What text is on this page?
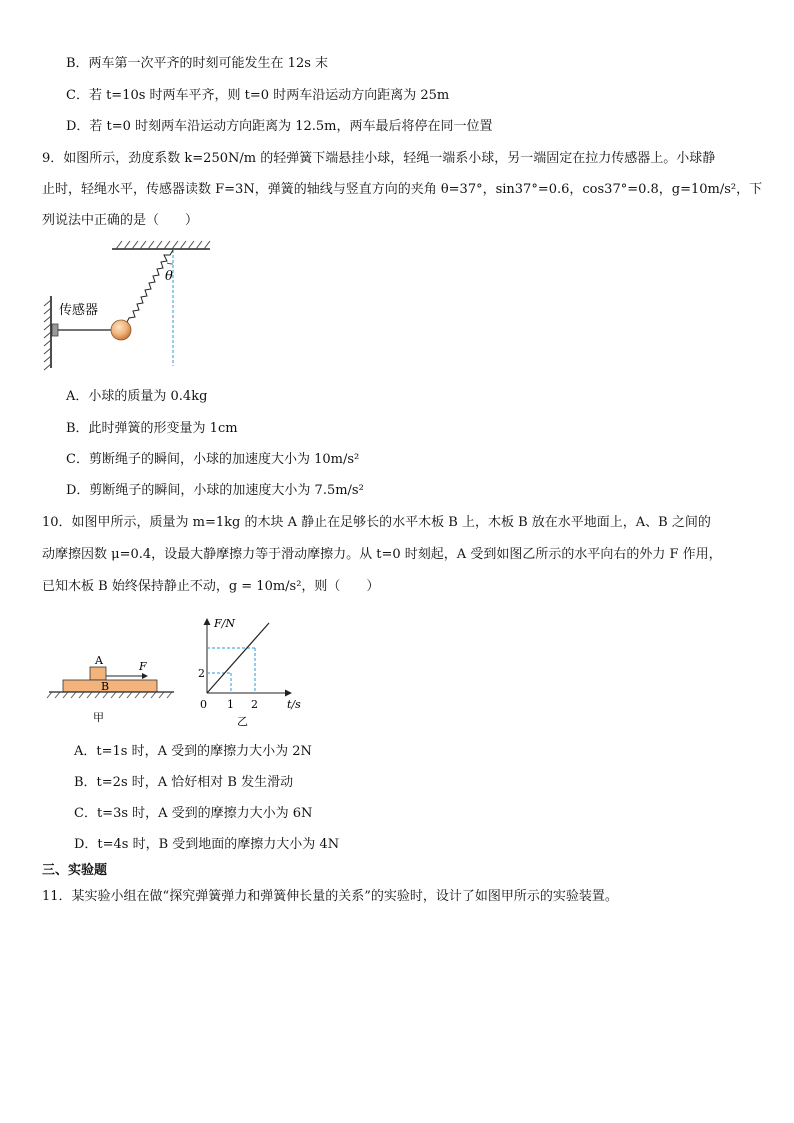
B．两车第一次平齐的时刻可能发生在 12s 末
C．若 t=10s 时两车平齐，则 t=0 时两车沿运动方向距离为 25m
D．若 t=0 时刻两车沿运动方向距离为 12.5m，两车最后将停在同一位置
9．如图所示，劲度系数 k=250N/m 的轻弹簧下端悬挂小球，轻绳一端系小球，另一端固定在拉力传感器上。小球静
止时，轻绳水平，传感器读数 F=3N，弹簧的轴线与竖直方向的夹角 θ=37°，sin37°=0.6，cos37°=0.8，g=10m/s²，下
列说法中正确的是（　　）
θ
传感器
A．小球的质量为 0.4kg
B．此时弹簧的形变量为 1cm
C．剪断绳子的瞬间，小球的加速度大小为 10m/s²
D．剪断绳子的瞬间，小球的加速度大小为 7.5m/s²
10．如图甲所示，质量为 m=1kg 的木块 A 静止在足够长的水平木板 B 上，木板 B 放在水平地面上，A、B 之间的
动摩擦因数 μ=0.4，设最大静摩擦力等于滑动摩擦力。从 t=0 时刻起，A 受到如图乙所示的水平向右的外力 F 作用，
已知木板 B 始终保持静止不动，g = 10m/s²，则（　　）
A
B
F
甲
F/N
t/s
0 1 2
2
乙
A．t=1s 时，A 受到的摩擦力大小为 2N
B．t=2s 时，A 恰好相对 B 发生滑动
C．t=3s 时，A 受到的摩擦力大小为 6N
D．t=4s 时，B 受到地面的摩擦力大小为 4N
三、实验题
11．某实验小组在做“探究弹簧弹力和弹簧伸长量的关系”的实验时，设计了如图甲所示的实验装置。
